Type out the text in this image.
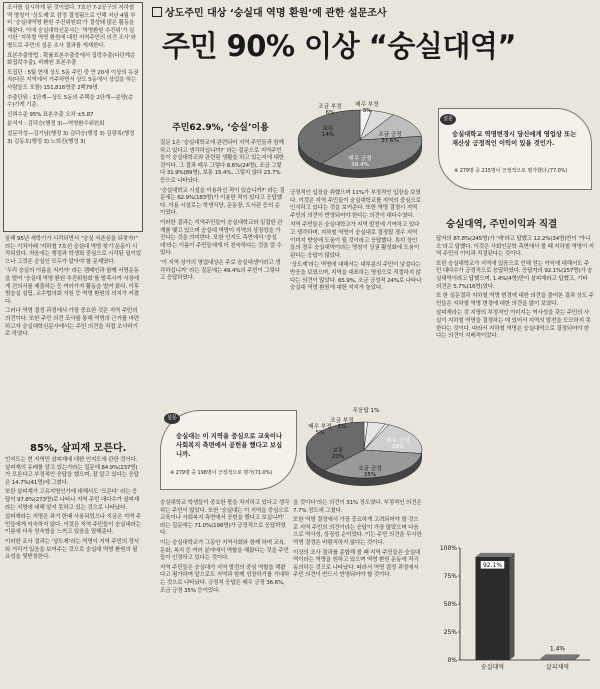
조사를 실시하게 된 것이었다. 7호선 7-2공구의 지하철역 명칭이 ‘상도제’로 잠정 결정됨으로 인해 지난 4월 부터 ‘숭실대역명 환원 추진위원회’가 결성돼 많은 활동을 해왔다. 이에 숭실대학신문사는 ‘역명환원 추진위’가 실시한 ‘지하철 역명 환원에 대한 지역주민의 의견 조사’와 별도로 주민의 설문 조사 결과를 게재한다.

표본추출방법 : 확률표본추출중에서 집락추출(다단계층화집락추출), 비례원 표본추출

모집단 : 5월 현재 상도 5동 주민 중 만 20세 이상의 유권자(다른 지역에서 거주하면서 상도 5동에서 상업을 하는 사람들도 포함) 151,816명중 2백79명.

추출단위 : 1단계—상도 5동의 주택을 2단계—분양(층수)가게 기준.

신뢰수준 95% 표본추출 오차 ±5.87

분석자 : 김덕승(행정 3)—역명환수위원회

설문작성—김기남(행정 3) 김덕승(행정 3) 김광록(행정 3) 김동호(행정 3) 노희진(행정 3)

올해 95년 새학기가 시작되면서 “숭실 자존심을 되찾자!” 라는 기치아래 ‘지하철 7호선 숭실대 역명 찾기’운동이 시작되었다. 처음에는 행정과 학생회 중심으로 시작된 일이었으나 그것은 숭실인 모두가 알아야 할 문제였다.

‘우리 숭실의 이름을 지키자’ 라는 캠페인과 함께 서명운동을 벌여 ‘숭실대 역명 환원 추진위원회’를 발족시켜 시장에게 건의서를 제출하는 등 여러가지 활동을 벌여 왔다. 이후 범숭실 설립, 교수협의회 지원 등 역명 환원의 의지가 커졌다.

그러나 역명 결정 과정에서 가장 중요한 것은 지역 주민의 의견이다. 또한 주민 의견 조사를 통해 역명의 근거를 마련하고자 숭실대학신문사에서는 주민 의견을 직접 조사하기로 하였다.

85%, 살피재 모른다.

인지도는 현 지역민 살피재에 대한 인지도에 관한 것이다. 살피재의 유래를 알고 있는가라는 질문에 84.9%(237명)가 모른다고 부정적인 응답을 했으며, 잘 알고 있다는 응답은 14.7%(41명)에 그쳤다.

또한 살피재가 고유지명인가에 대해서도 ‘모른다’ 라는 응답이 97.8%(273명)로 나타나 지역 주민 대다수가 살피재라는 지명에 대해 알지 못하고 있는 것으로 나타났다.

살피재라는 지명은 과거 한때 사용되었으나 지금은 지역 주민들에게 익숙하지 않다. 이것은 지역 주민들이 숭실대라는 이름에 더욱 친숙함을 느끼고 있음을 말해준다.

이러한 조사 결과는 ‘상도제’라는 역명이 지역 주민의 정서와 거리가 있음을 보여주는 것으로 숭실대 역명 환원의 필요성을 뒷받침한다.

상도주민 대상 ‘숭실대 역명 환원’에 관한 설문조사
주민 90% 이상 “숭실대역”
주민62.9%, ‘숭실’이용

질문 1은 ‘숭실대학교에 관련되어 지역 주민들과 함께 하고 있다고 생각하십니까?’ 라는 질문으로 지역주민들이 숭실대학교와 관련된 생활을 하고 있는지에 대한 것이다. 그 결과 매우 그렇다 8.6%(24명), 조금 그렇다 31.9%(89명), 보통 15.4%, 그렇지 않다 23.7% 등으로 나타났다.

‘숭실대학교 시설을 이용하신 적이 있습니까?’ 라는 질문에는 62.9%(183명)가 이용한 적이 있다고 응답했다. 이용 시설로는 학생식당, 운동장, 도서관 등의 순이었다.

이러한 결과는 지역주민들이 숭실대학교와 밀접한 관계를 맺고 있으며 숭실대 역명이 지역의 상징성을 가진다는 것을 의미한다. 또한 인지도 측면에서 ‘숭실대’라는 이름이 주민들에게 더 친숙하다는 것을 알 수 있다.

‘이 지역 상가의 영업대상은 주로 숭실대생이라고 생각하십니까’ 라는 질문에는 49.4%의 주민이 그렇다고 응답하였다.

긍정적인 입장을 취했으며 11%가 부정적인 입장을 보였다. 이것은 지역 주민들이 숭실대학교를 지역의 중심으로 인식하고 있다는 것을 보여준다. 또한 역명 결정시 지역주민의 의견이 반영되어야 한다는 의견이 대다수였다.

지역 주민들은 숭실대학교가 지역 발전에 기여하고 있다고 생각하며, 지하철 역명이 숭실대로 결정될 경우 지역 이미지 향상에 도움이 될 것이라고 응답했다. 특히 상인들의 경우 숭실대역이라는 명칭이 상권 활성화에 도움이 된다는 응답이 많았다.

‘상도제’라는 역명에 대해서는 대부분의 주민이 낯설다는 반응을 보였으며, 지역을 대표하는 명칭으로 적절하지 않다는 의견이 많았다. 65.9%, 조금 긍정적 24%로 나타나 숭실대 역명 환원에 대한 지지가 높았다.

매우 부정 3%
조금 부정 6%
보통 14%	조금 긍정 37.6%
매우 긍정 39.4%
설문
숭실대는 이 지역을 중심으로 교육이나 사회복지 측면에서 공헌을 했다고 보십니까.
※ 279명 중 198명이 긍정적으로 평가(71.0%)
무응답 1%
매우 부정 5%
조금 부정 1%
보통 20%
조금 긍정 35%
매우 긍정 38%

숭실대학교 학생들이 중요한 몫을 차지하고 있다고 생각하는 주민이 많았다. 또한 ‘숭실대는 이 지역을 중심으로 교육이나 사회복지 측면에서 공헌을 했다고 보십니까’ 라는 질문에는 71.0%(198명)가 긍정적으로 응답하였다.

이는 숭실대학교가 그동안 지역사회와 함께 하며 교육, 문화, 복지 등 여러 분야에서 역할을 해왔다는 것을 주민들이 인정하고 있다는 것이다.

지역 주민들은 숭실대가 지역 발전의 중심 역할을 해왔다고 평가하며 앞으로도 지역과 함께 성장하기를 기대하는 것으로 나타났다. 긍정적 응답은 매우 긍정 36.6%, 조금 긍정 35% 등이었다.

을 것이다’라는 의견이 31% 정도였다. 부정적인 의견은 7.7% 정도에 그쳤다.

또한 역명 결정에서 가장 중요하게 고려되어야 할 것으로 지역 주민의 의견이라는 응답이 가장 많았으며 다음으로 역사성, 상징성 순이었다. 이는 주민 의견을 무시한 역명 결정은 바람직하지 않다는 것이다.

이상의 조사 결과를 종합해 볼 때 지역 주민들은 숭실대역이라는 역명을 원하고 있으며 역명 환원 운동에 적극 동의하는 것으로 나타났다. 따라서 역명 결정 과정에서 주민 의견이 반드시 반영되어야 할 것이다.

설문
숭실대학교 역명변경시 당신에게 영업상 또는 재산상 긍정적인 이익이 있을 것인가.
※ 279명 중 215명이 긍정적으로 평가했다.(77.0%)
숭실대역, 주민이익과 직결

답자의 87.8%(245명)가 ‘예’라고 답했고 12.2%(34명)만이 ‘아니오’라고 답했다. 이것은 사회인문학 측면에서 볼 때 지하철 역명이 지역 주민의 이익과 직결된다는 것이다.

또한 숭실대학교가 지역에 있음으로 인해 얻는 이익에 대해서도 주민 대다수가 긍정적으로 응답하였다. 응답자의 92.1%(257명)가 숭실대역이라고 답했으며, 1.4%(4명)만이 살피재라고 답했고, 기타 의견은 5.7%(16명)였다.

또 한 설문결과 지하철 역명 변경에 대한 의견을 물어본 결과 상도 주민들은 지하철 역명 변경에 대한 의견을 많이 보였다.

살피재라는 것 지명의 부정적인 이미지는 역사성을 갖는 주민의 사실이 지하철 역명을 결정하는 데 있어서 지역의 발전을 도모하지 못한다는 것이다. 따라서 지하철 역명은 숭실대역으로 결정되어야 한다는 의견이 지배적이었다.

0%
25%
50%
75%
100%
92.1%
숭실대역
1.4%
살피재역
